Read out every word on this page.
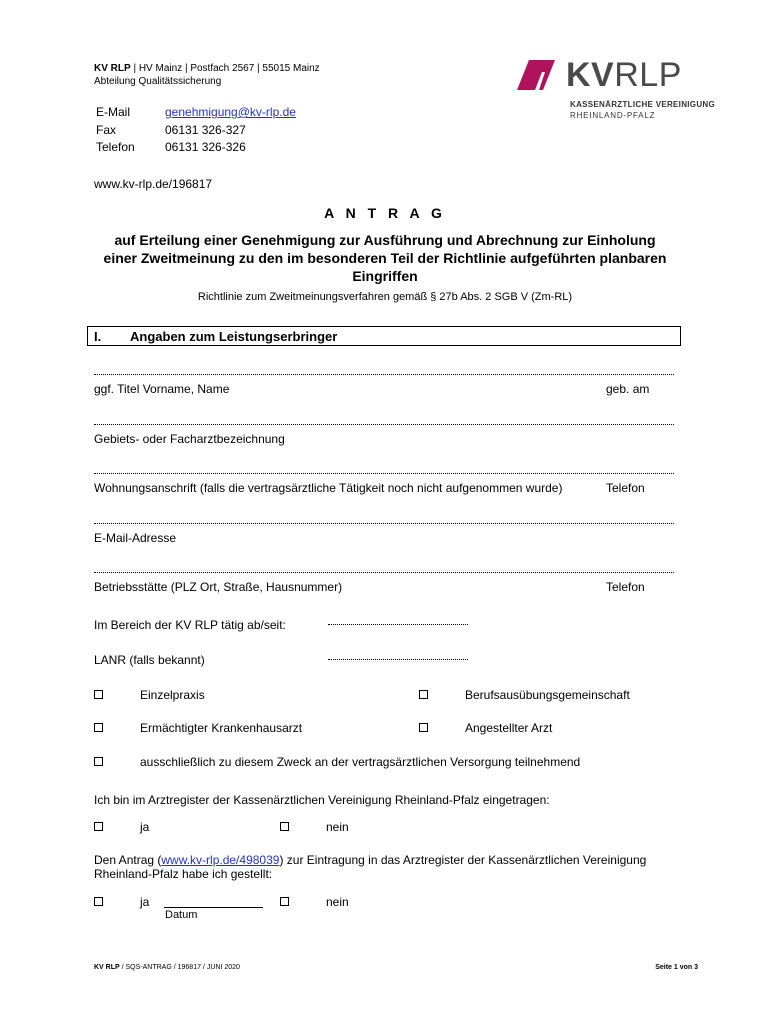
KV RLP | HV Mainz | Postfach 2567 | 55015 Mainz
Abteilung Qualitätssicherung	KVRLP
KASSENÄRZTLICHE VEREINIGUNG
RHEINLAND-PFALZ
E-Mail	genehmigung@kv-rlp.de
Fax	06131 326-327
Telefon	06131 326-326
www.kv-rlp.de/196817
A N T R A G
auf Erteilung einer Genehmigung zur Ausführung und Abrechnung zur Einholung einer Zweitmeinung zu den im besonderen Teil der Richtlinie aufgeführten planbaren Eingriffen
Richtlinie zum Zweitmeinungsverfahren gemäß § 27b Abs. 2 SGB V (Zm-RL)
I. Angaben zum Leistungserbringer
ggf. Titel Vorname, Name	geb. am
Gebiets- oder Facharztbezeichnung
Wohnungsanschrift (falls die vertragsärztliche Tätigkeit noch nicht aufgenommen wurde)	Telefon
E-Mail-Adresse
Betriebsstätte (PLZ Ort, Straße, Hausnummer)	Telefon
Im Bereich der KV RLP tätig ab/seit:
LANR (falls bekannt)
Einzelpraxis	Berufsausübungsgemeinschaft
Ermächtigter Krankenhausarzt	Angestellter Arzt
ausschließlich zu diesem Zweck an der vertragsärztlichen Versorgung teilnehmend
Ich bin im Arztregister der Kassenärztlichen Vereinigung Rheinland-Pfalz eingetragen:
ja	nein
Den Antrag (www.kv-rlp.de/498039) zur Eintragung in das Arztregister der Kassenärztlichen Vereinigung Rheinland-Pfalz habe ich gestellt:
ja
Datum
nein
KV RLP / SQS-ANTRAG / 196817 / JUNI 2020	Seite 1 von 3
